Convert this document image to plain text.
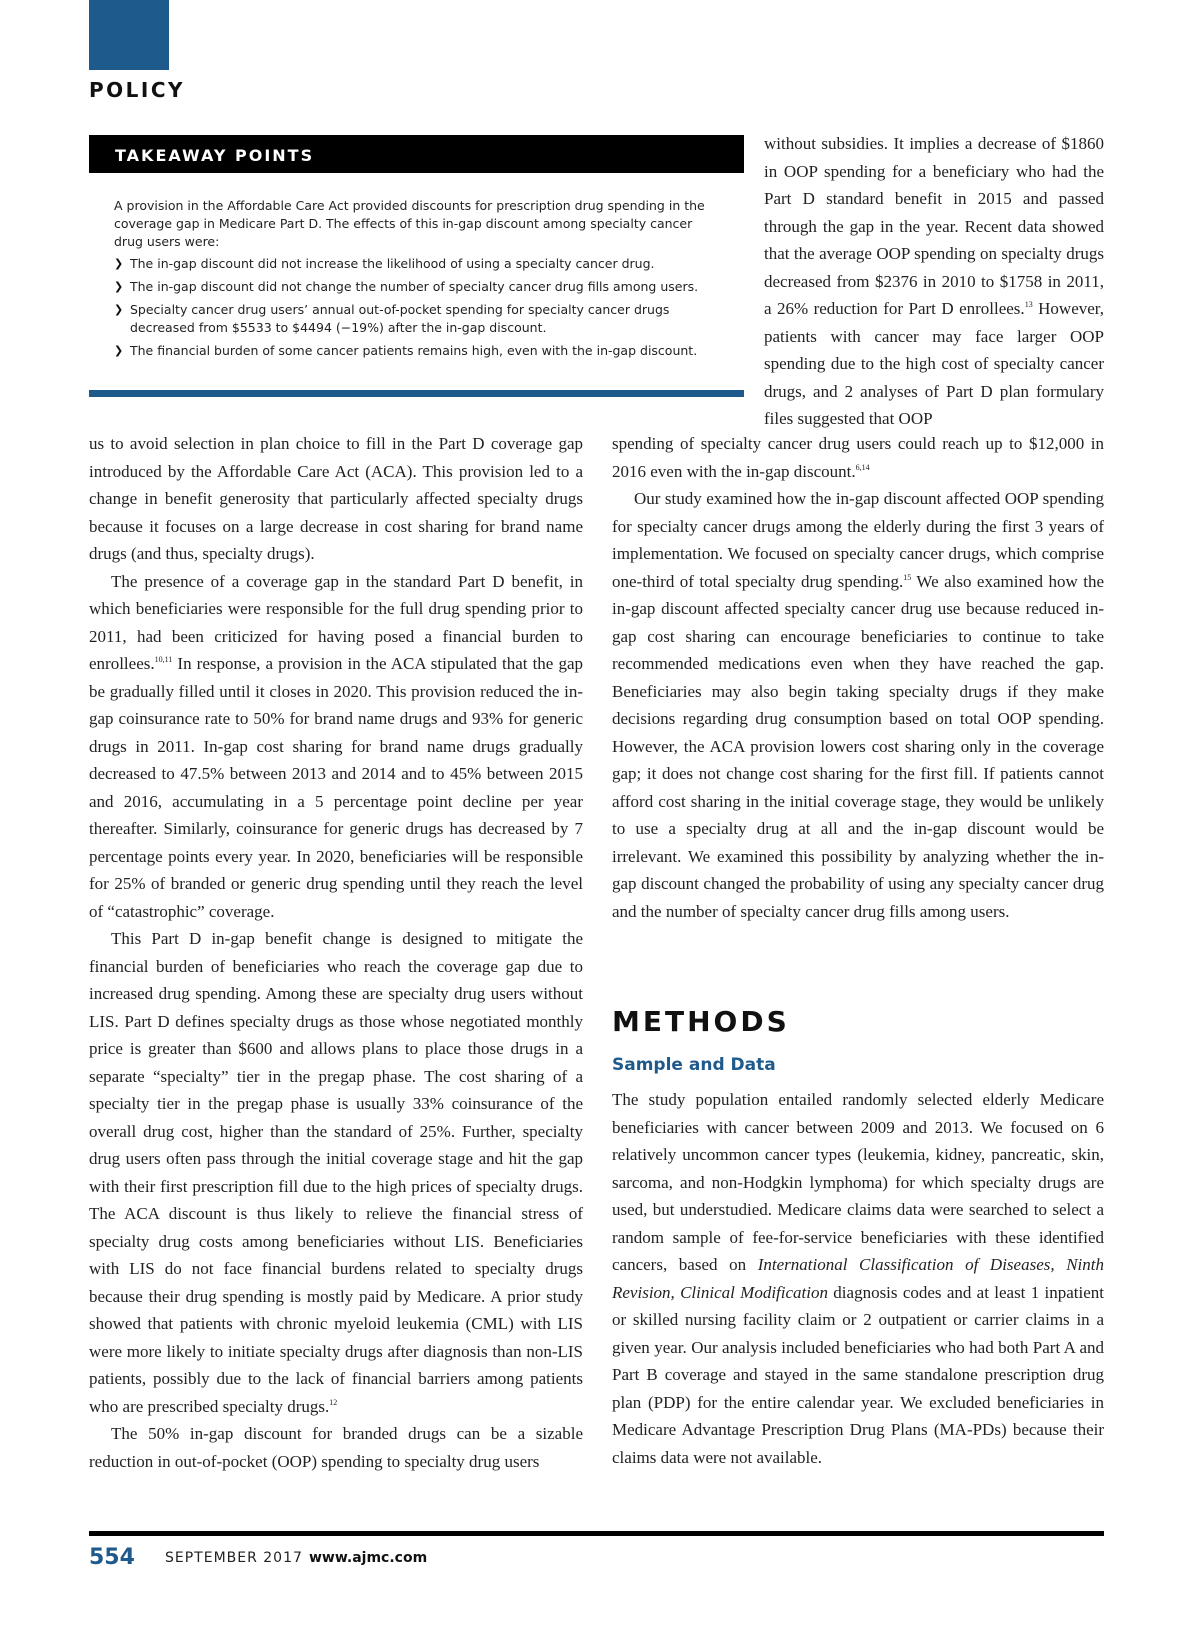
POLICY
TAKEAWAY POINTS

A provision in the Affordable Care Act provided discounts for prescription drug spending in the coverage gap in Medicare Part D. The effects of this in-gap discount among specialty cancer drug users were:

❯ The in-gap discount did not increase the likelihood of using a specialty cancer drug.
❯ The in-gap discount did not change the number of specialty cancer drug fills among users.
❯ Specialty cancer drug users’ annual out-of-pocket spending for specialty cancer drugs decreased from $5533 to $4494 (−19%) after the in-gap discount.
❯ The financial burden of some cancer patients remains high, even with the in-gap discount.

without subsidies. It implies a decrease of $1860 in OOP spending for a beneficiary who had the Part D standard benefit in 2015 and passed through the gap in the year. Recent data showed that the average OOP spending on specialty drugs decreased from $2376 in 2010 to $1758 in 2011, a 26% reduction for Part D enrollees.$^{13}$ However, patients with cancer may face larger OOP spending due to the high cost of specialty cancer drugs, and 2 analyses of Part D plan formulary files suggested that OOP

us to avoid selection in plan choice to fill in the Part D coverage gap introduced by the Affordable Care Act (ACA). This provision led to a change in benefit generosity that particularly affected specialty drugs because it focuses on a large decrease in cost sharing for brand name drugs (and thus, specialty drugs).

The presence of a coverage gap in the standard Part D benefit, in which beneficiaries were responsible for the full drug spending prior to 2011, had been criticized for having posed a financial burden to enrollees.$^{10,11}$ In response, a provision in the ACA stipulated that the gap be gradually filled until it closes in 2020. This provision reduced the in-gap coinsurance rate to 50% for brand name drugs and 93% for generic drugs in 2011. In-gap cost sharing for brand name drugs gradually decreased to 47.5% between 2013 and 2014 and to 45% between 2015 and 2016, accumulating in a 5 percentage point decline per year thereafter. Similarly, coinsurance for generic drugs has decreased by 7 percentage points every year. In 2020, beneficiaries will be responsible for 25% of branded or generic drug spending until they reach the level of “catastrophic” coverage.

This Part D in-gap benefit change is designed to mitigate the financial burden of beneficiaries who reach the coverage gap due to increased drug spending. Among these are specialty drug users without LIS. Part D defines specialty drugs as those whose negotiated monthly price is greater than $600 and allows plans to place those drugs in a separate “specialty” tier in the pregap phase. The cost sharing of a specialty tier in the pregap phase is usually 33% coinsurance of the overall drug cost, higher than the standard of 25%. Further, specialty drug users often pass through the initial coverage stage and hit the gap with their first prescription fill due to the high prices of specialty drugs. The ACA discount is thus likely to relieve the financial stress of specialty drug costs among beneficiaries without LIS. Beneficiaries with LIS do not face financial burdens related to specialty drugs because their drug spending is mostly paid by Medicare. A prior study showed that patients with chronic myeloid leukemia (CML) with LIS were more likely to initiate specialty drugs after diagnosis than non-LIS patients, possibly due to the lack of financial barriers among patients who are prescribed specialty drugs.$^{12}$

The 50% in-gap discount for branded drugs can be a sizable reduction in out-of-pocket (OOP) spending to specialty drug users

spending of specialty cancer drug users could reach up to $12,000 in 2016 even with the in-gap discount.$^{6,14}$

Our study examined how the in-gap discount affected OOP spending for specialty cancer drugs among the elderly during the first 3 years of implementation. We focused on specialty cancer drugs, which comprise one-third of total specialty drug spending.$^{15}$ We also examined how the in-gap discount affected specialty cancer drug use because reduced in-gap cost sharing can encourage beneficiaries to continue to take recommended medications even when they have reached the gap. Beneficiaries may also begin taking specialty drugs if they make decisions regarding drug consumption based on total OOP spending. However, the ACA provision lowers cost sharing only in the coverage gap; it does not change cost sharing for the first fill. If patients cannot afford cost sharing in the initial coverage stage, they would be unlikely to use a specialty drug at all and the in-gap discount would be irrelevant. We examined this possibility by analyzing whether the in-gap discount changed the probability of using any specialty cancer drug and the number of specialty cancer drug fills among users.

METHODS
Sample and Data

The study population entailed randomly selected elderly Medicare beneficiaries with cancer between 2009 and 2013. We focused on 6 relatively uncommon cancer types (leukemia, kidney, pancreatic, skin, sarcoma, and non-Hodgkin lymphoma) for which specialty drugs are used, but understudied. Medicare claims data were searched to select a random sample of fee-for-service beneficiaries with these identified cancers, based on International Classification of Diseases, Ninth Revision, Clinical Modification diagnosis codes and at least 1 inpatient or skilled nursing facility claim or 2 outpatient or carrier claims in a given year. Our analysis included beneficiaries who had both Part A and Part B coverage and stayed in the same standalone prescription drug plan (PDP) for the entire calendar year. We excluded beneficiaries in Medicare Advantage Prescription Drug Plans (MA-PDs) because their claims data were not available.

554 SEPTEMBER 2017 www.ajmc.com
